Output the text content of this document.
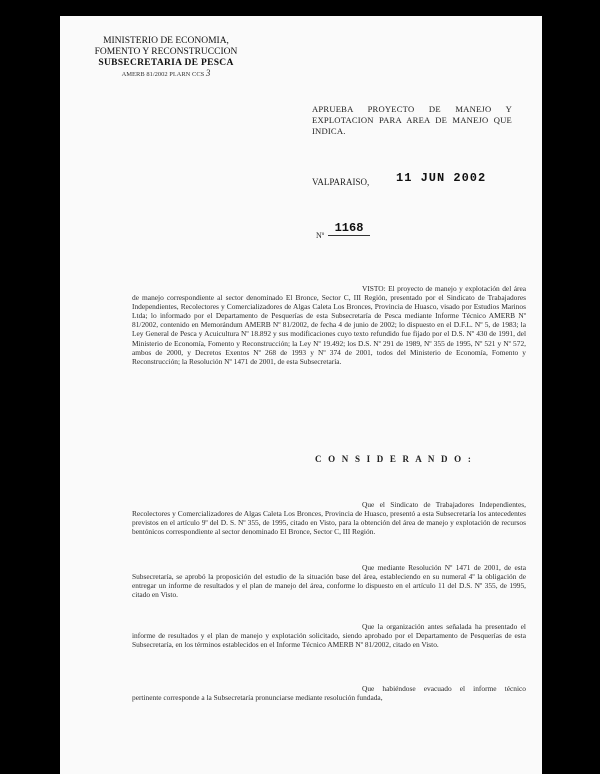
MINISTERIO DE ECONOMIA,
FOMENTO Y RECONSTRUCCION
SUBSECRETARIA DE PESCA
AMERB 81/2002 PI.ARN CCS 3
APRUEBA PROYECTO DE MANEJO Y EXPLOTACION PARA AREA DE MANEJO QUE INDICA.
VALPARAISO, 11 JUN 2002
Nº
1168

VISTO: El proyecto de manejo y explotación del área de manejo correspondiente al sector denominado El Bronce, Sector C, III Región, presentado por el Sindicato de Trabajadores Independientes, Recolectores y Comercializadores de Algas Caleta Los Bronces, Provincia de Huasco, visado por Estudios Marinos Ltda; lo informado por el Departamento de Pesquerías de esta Subsecretaría de Pesca mediante Informe Técnico AMERB Nº 81/2002, contenido en Memorándum AMERB Nº 81/2002, de fecha 4 de junio de 2002; lo dispuesto en el D.F.L. Nº 5, de 1983; la Ley General de Pesca y Acuicultura Nº 18.892 y sus modificaciones cuyo texto refundido fue fijado por el D.S. Nº 430 de 1991, del Ministerio de Economía, Fomento y Reconstrucción; la Ley Nº 19.492; los D.S. Nº 291 de 1989, Nº 355 de 1995, Nº 521 y Nº 572, ambos de 2000, y Decretos Exentos Nº 268 de 1993 y Nº 374 de 2001, todos del Ministerio de Economía, Fomento y Reconstrucción; la Resolución Nº 1471 de 2001, de esta Subsecretaría.

C O N S I D E R A N D O :

Que el Sindicato de Trabajadores Independientes, Recolectores y Comercializadores de Algas Caleta Los Bronces, Provincia de Huasco, presentó a esta Subsecretaría los antecedentes previstos en el artículo 9º del D. S. Nº 355, de 1995, citado en Visto, para la obtención del área de manejo y explotación de recursos bentónicos correspondiente al sector denominado El Bronce, Sector C, III Región.

Que mediante Resolución Nº 1471 de 2001, de esta Subsecretaría, se aprobó la proposición del estudio de la situación base del área, estableciendo en su numeral 4º la obligación de entregar un informe de resultados y el plan de manejo del área, conforme lo dispuesto en el artículo 11 del D.S. Nº 355, de 1995, citado en Visto.

Que la organización antes señalada ha presentado el informe de resultados y el plan de manejo y explotación solicitado, siendo aprobado por el Departamento de Pesquerías de esta Subsecretaría, en los términos establecidos en el Informe Técnico AMERB Nº 81/2002, citado en Visto.

Que habiéndose evacuado el informe técnico pertinente corresponde a la Subsecretaría pronunciarse mediante resolución fundada,
